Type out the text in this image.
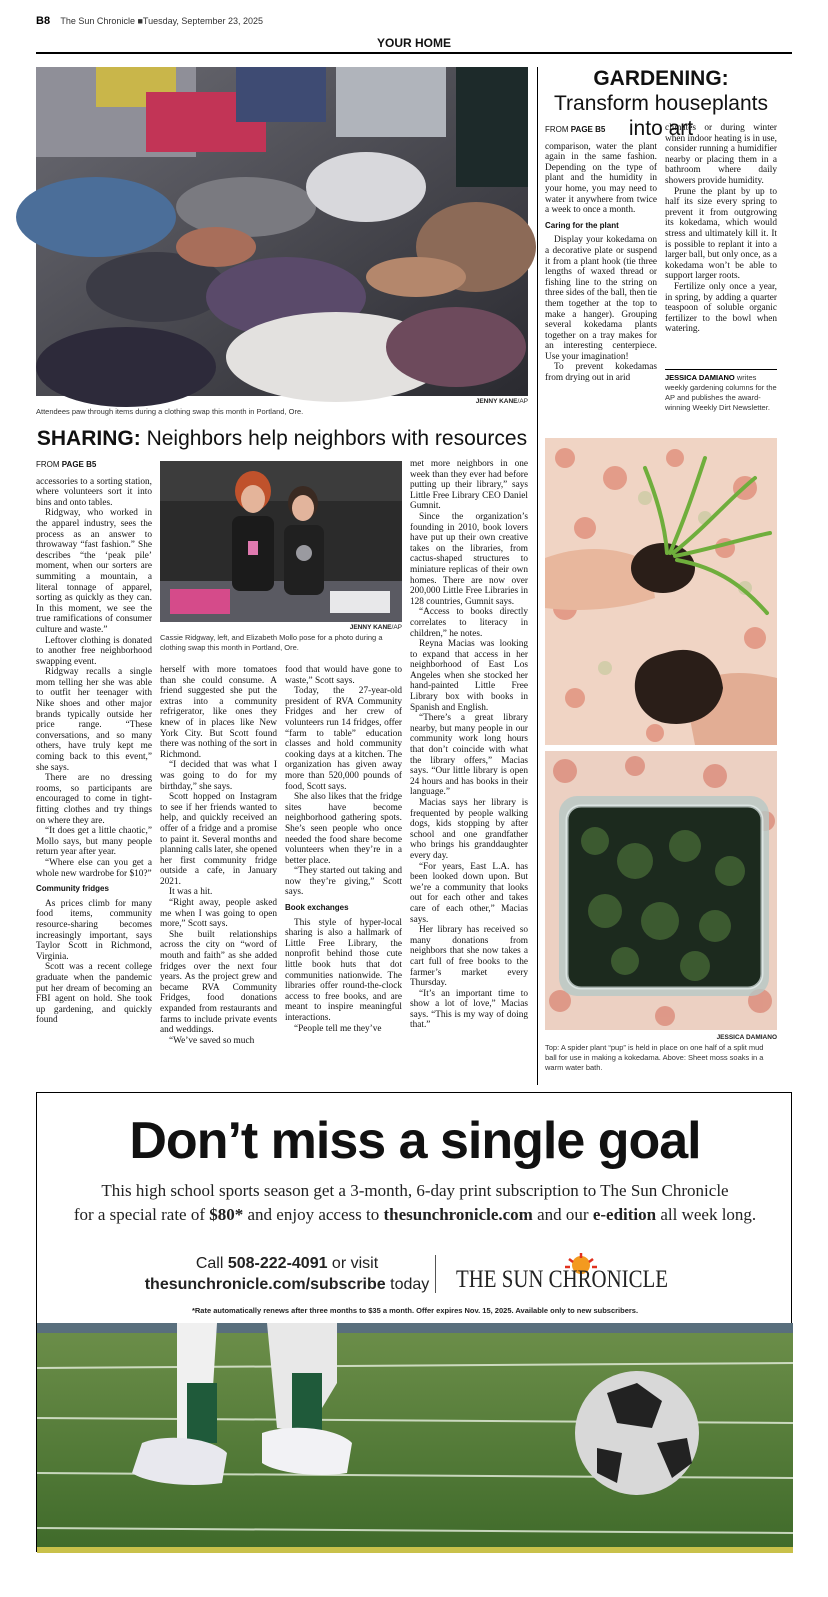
B8 The Sun Chronicle ■Tuesday, September 23, 2025
YOUR HOME
JENNY KANE/AP
Attendees paw through items during a clothing swap this month in Portland, Ore.
SHARING: Neighbors help neighbors with resources
FROM PAGE B5

accessories to a sorting station, where volunteers sort it into bins and onto tables.

Ridgway, who worked in the apparel industry, sees the process as an answer to throwaway “fast fashion.” She describes “the ‘peak pile’ moment, when our sorters are summiting a mountain, a literal tonnage of apparel, sorting as quickly as they can. In this moment, we see the true ramifications of consumer culture and waste.”

Leftover clothing is donated to another free neighborhood swapping event.

Ridgway recalls a single mom telling her she was able to outfit her teenager with Nike shoes and other major brands typically outside her price range. “These conversations, and so many others, have truly kept me coming back to this event,” she says.

There are no dressing rooms, so participants are encouraged to come in tight-fitting clothes and try things on where they are.

“It does get a little chaotic,” Mollo says, but many people return year after year.

“Where else can you get a whole new wardrobe for $10?”

Community fridges

As prices climb for many food items, community resource-sharing becomes increasingly important, says Taylor Scott in Richmond, Virginia.

Scott was a recent college graduate when the pandemic put her dream of becoming an FBI agent on hold. She took up gardening, and quickly found

JENNY KANE/AP
Cassie Ridgway, left, and Elizabeth Mollo pose for a photo during a clothing swap this month in Portland, Ore.

herself with more tomatoes than she could consume. A friend suggested she put the extras into a community refrigerator, like ones they knew of in places like New York City. But Scott found there was nothing of the sort in Richmond.

“I decided that was what I was going to do for my birthday,” she says.

Scott hopped on Instagram to see if her friends wanted to help, and quickly received an offer of a fridge and a promise to paint it. Several months and planning calls later, she opened her first community fridge outside a cafe, in January 2021.

It was a hit.

“Right away, people asked me when I was going to open more,” Scott says.

She built relationships across the city on “word of mouth and faith” as she added fridges over the next four years. As the project grew and became RVA Community Fridges, food donations expanded from restaurants and farms to include private events and weddings.

“We’ve saved so much

food that would have gone to waste,” Scott says.

Today, the 27-year-old president of RVA Community Fridges and her crew of volunteers run 14 fridges, offer “farm to table” education classes and hold community cooking days at a kitchen. The organization has given away more than 520,000 pounds of food, Scott says.

She also likes that the fridge sites have become neighborhood gathering spots. She’s seen people who once needed the food share become volunteers when they’re in a better place.

“They started out taking and now they’re giving,” Scott says.

Book exchanges

This style of hyper-local sharing is also a hallmark of Little Free Library, the nonprofit behind those cute little book huts that dot communities nationwide. The libraries offer round-the-clock access to free books, and are meant to inspire meaningful interactions.

“People tell me they’ve

met more neighbors in one week than they ever had before putting up their library,” says Little Free Library CEO Daniel Gumnit.

Since the organization’s founding in 2010, book lovers have put up their own creative takes on the libraries, from cactus-shaped structures to miniature replicas of their own homes. There are now over 200,000 Little Free Libraries in 128 countries, Gumnit says.

“Access to books directly correlates to literacy in children,” he notes.

Reyna Macias was looking to expand that access in her neighborhood of East Los Angeles when she stocked her hand-painted Little Free Library box with books in Spanish and English.

“There’s a great library nearby, but many people in our community work long hours that don’t coincide with what the library offers,” Macias says. “Our little library is open 24 hours and has books in their language.”

Macias says her library is frequented by people walking dogs, kids stopping by after school and one grandfather who brings his granddaughter every day.

“For years, East L.A. has been looked down upon. But we’re a community that looks out for each other and takes care of each other,” Macias says.

Her library has received so many donations from neighbors that she now takes a cart full of free books to the farmer’s market every Thursday.

“It’s an important time to show a lot of love,” Macias says. “This is my way of doing that.”

GARDENING: Transform houseplants into art
FROM PAGE B5

comparison, water the plant again in the same fashion. Depending on the type of plant and the humidity in your home, you may need to water it anywhere from twice a week to once a month.

Caring for the plant

Display your kokedama on a decorative plate or suspend it from a plant hook (tie three lengths of waxed thread or fishing line to the string on three sides of the ball, then tie them together at the top to make a hanger). Grouping several kokedama plants together on a tray makes for an interesting centerpiece. Use your imagination!

To prevent kokedamas from drying out in arid

climates or during winter when indoor heating is in use, consider running a humidifier nearby or placing them in a bathroom where daily showers provide humidity.

Prune the plant by up to half its size every spring to prevent it from outgrowing its kokedama, which would stress and ultimately kill it. It is possible to replant it into a larger ball, but only once, as a kokedama won’t be able to support larger roots.

Fertilize only once a year, in spring, by adding a quarter teaspoon of soluble organic fertilizer to the bowl when watering.

JESSICA DAMIANO writes weekly gardening columns for the AP and publishes the award-winning Weekly Dirt Newsletter.
JESSICA DAMIANO
Top: A spider plant “pup” is held in place on one half of a split mud ball for use in making a kokedama. Above: Sheet moss soaks in a warm water bath.
Don’t miss a single goal
This high school sports season get a 3-month, 6-day print subscription to The Sun Chronicle
for a special rate of $80* and enjoy access to thesunchronicle.com and our e-edition all week long.
Call 508-222-4091 or visit
thesunchronicle.com/subscribe today	THE SUN CHRONICLE
*Rate automatically renews after three months to $35 a month. Offer expires Nov. 15, 2025. Available only to new subscribers.
